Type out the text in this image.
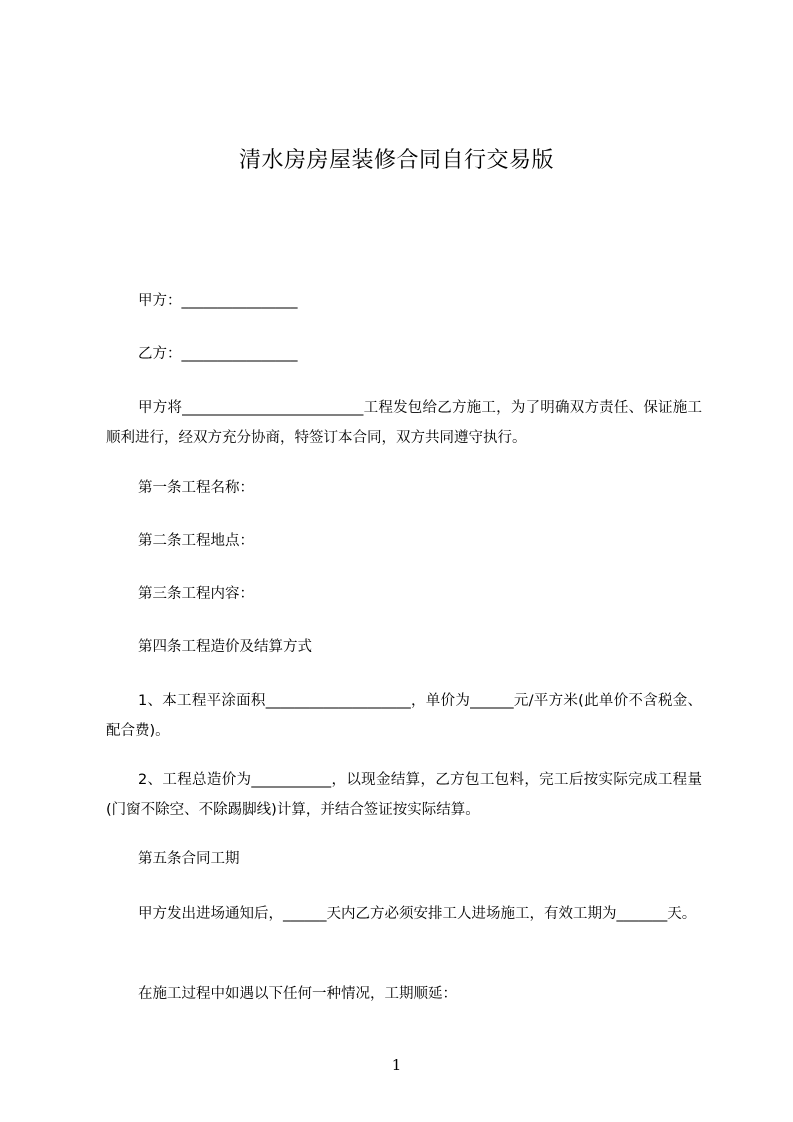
清水房房屋装修合同自行交易版
甲方：________________
乙方：________________

甲方将_________________________工程发包给乙方施工，为了明确双方责任、保证施工顺利进行，经双方充分协商，特签订本合同，双方共同遵守执行。

第一条工程名称：
第二条工程地点：
第三条工程内容：
第四条工程造价及结算方式

1、本工程平涂面积____________________，单价为______元/平方米(此单价不含税金、配合费)。

2、工程总造价为___________，以现金结算，乙方包工包料，完工后按实际完成工程量(门窗不除空、不除踢脚线)计算，并结合签证按实际结算。

第五条合同工期

甲方发出进场通知后，______天内乙方必须安排工人进场施工，有效工期为_______天。

在施工过程中如遇以下任何一种情况，工期顺延：
1
